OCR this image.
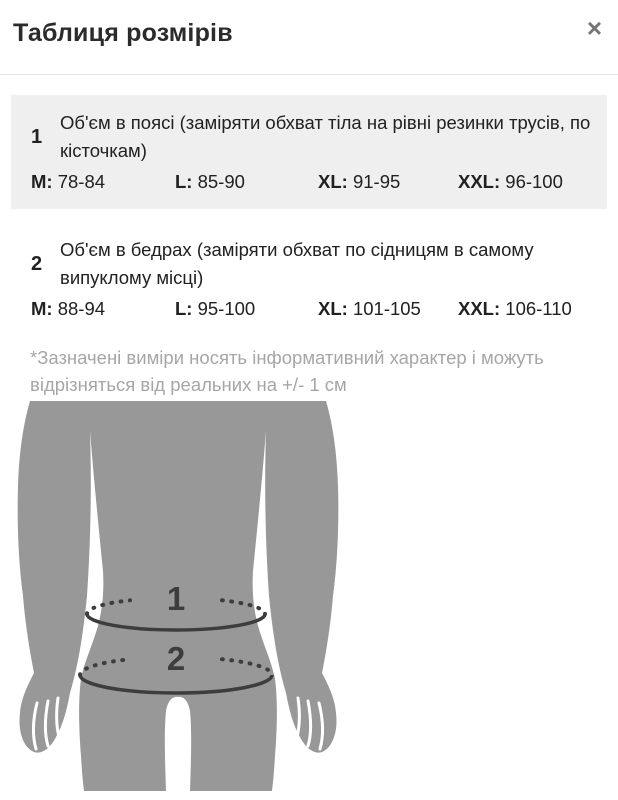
Таблиця розмірів	×
1
Об'єм в поясі (заміряти обхват тіла на рівні резинки трусів, по
кісточкам)
M: 78-84	L: 85-90	XL: 91-95	XXL: 96-100
2
Об'єм в бедрах (заміряти обхват по сідницям в самому
випуклому місці)
M: 88-94	L: 95-100	XL: 101-105	XXL: 106-110
*Зазначені виміри носять інформативний характер і можуть
відрізняться від реальних на +/- 1 см
1
2
